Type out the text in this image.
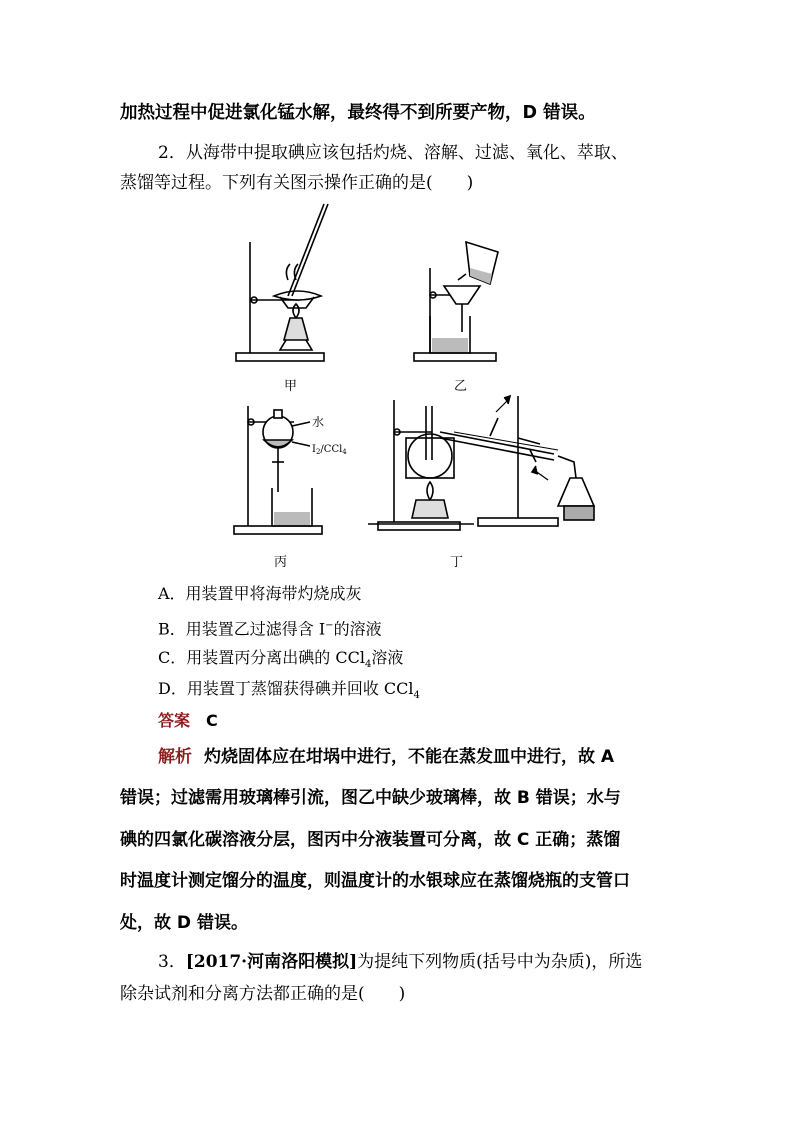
加热过程中促进氯化锰水解，最终得不到所要产物，D 错误。
2．从海带中提取碘应该包括灼烧、溶解、过滤、氧化、萃取、
蒸馏等过程。下列有关图示操作正确的是(　　)
甲	乙
丙	丁
水
$I_2/CCl_4$
A．用装置甲将海带灼烧成灰
B．用装置乙过滤得含 I−的溶液
C．用装置丙分离出碘的 CCl$_4$溶液
D．用装置丁蒸馏获得碘并回收 CCl$_4$
答案 C
解析 灼烧固体应在坩埚中进行，不能在蒸发皿中进行，故 A
错误；过滤需用玻璃棒引流，图乙中缺少玻璃棒，故 B 错误；水与
碘的四氯化碳溶液分层，图丙中分液装置可分离，故 C 正确；蒸馏
时温度计测定馏分的温度，则温度计的水银球应在蒸馏烧瓶的支管口
处，故 D 错误。
3．[2017·河南洛阳模拟]为提纯下列物质(括号中为杂质)，所选
除杂试剂和分离方法都正确的是(　　)
